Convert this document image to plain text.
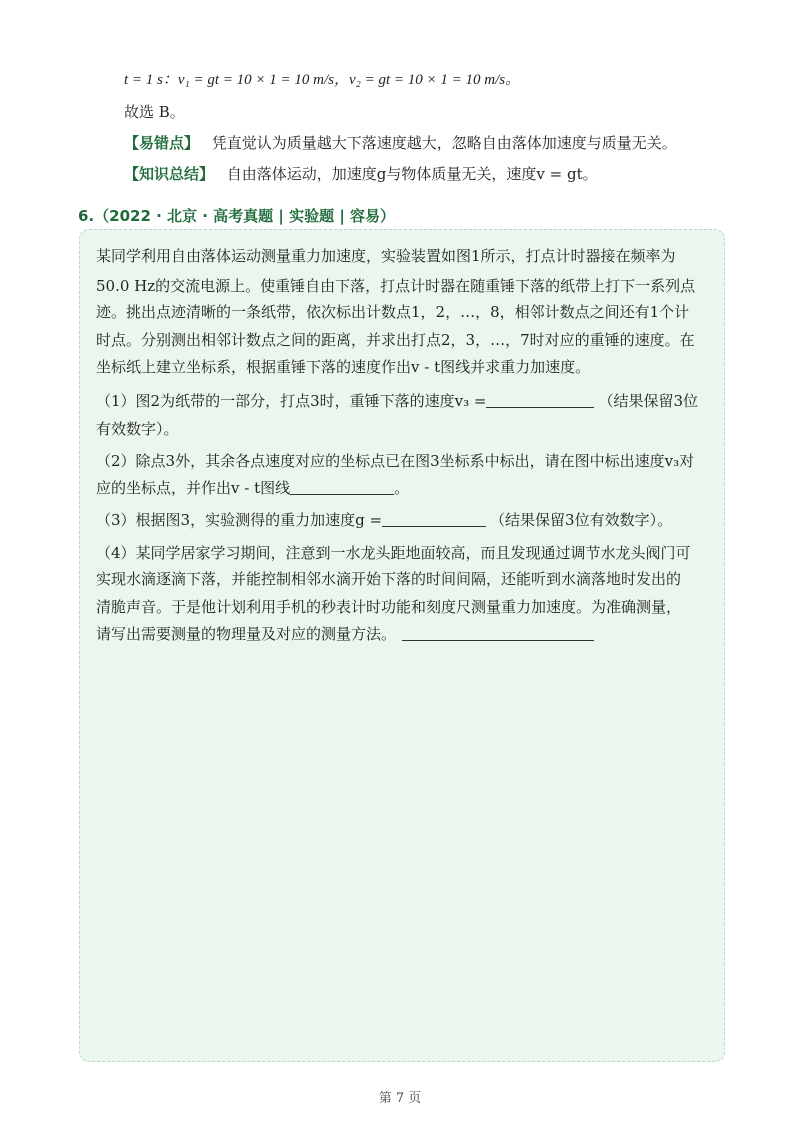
t = 1 s：v₁ = gt = 10 × 1 = 10 m/s，v₂ = gt = 10 × 1 = 10 m/s。
故选 B。
【易错点】 凭直觉认为质量越大下落速度越大，忽略自由落体加速度与质量无关。
【知识总结】 自由落体运动，加速度g与物体质量无关，速度v = gt。
6.（2022 · 北京 · 高考真题 | 实验题 | 容易）
某同学利用自由落体运动测量重力加速度，实验装置如图1所示，打点计时器接在频率为
50.0 Hz的交流电源上。使重锤自由下落，打点计时器在随重锤下落的纸带上打下一系列点
迹。挑出点迹清晰的一条纸带，依次标出计数点1，2，…，8，相邻计数点之间还有1个计
时点。分别测出相邻计数点之间的距离，并求出打点2，3，…，7时对应的重锤的速度。在
坐标纸上建立坐标系，根据重锤下落的速度作出v - t图线并求重力加速度。
（1）图2为纸带的一部分，打点3时，重锤下落的速度v₃ =	（结果保留3位
有效数字）。
（2）除点3外，其余各点速度对应的坐标点已在图3坐标系中标出，请在图中标出速度v₃对
应的坐标点，并作出v - t图线	。
（3）根据图3，实验测得的重力加速度g =	（结果保留3位有效数字）。
（4）某同学居家学习期间，注意到一水龙头距地面较高，而且发现通过调节水龙头阀门可
实现水滴逐滴下落，并能控制相邻水滴开始下落的时间间隔，还能听到水滴落地时发出的
清脆声音。于是他计划利用手机的秒表计时功能和刻度尺测量重力加速度。为准确测量，
请写出需要测量的物理量及对应的测量方法。
第 7 页
